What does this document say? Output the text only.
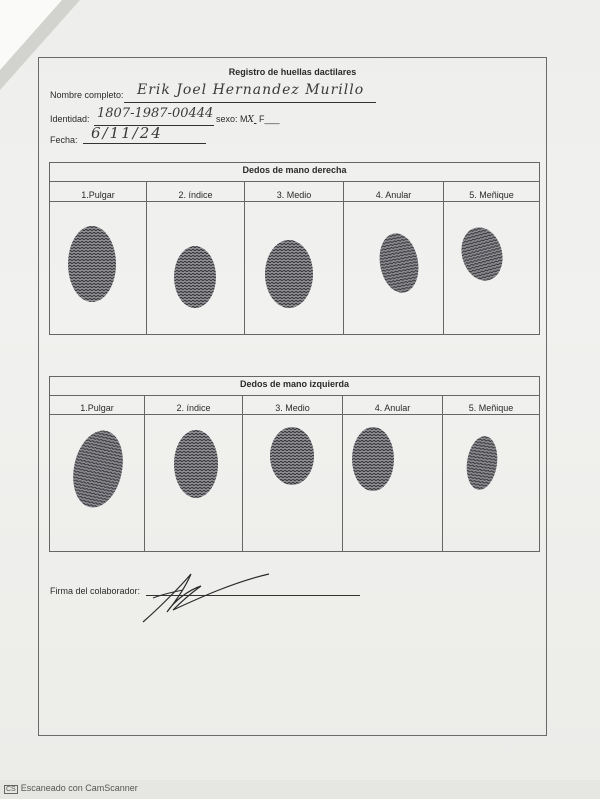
Registro de huellas dactilares
Nombre completo: Erik Joel Hernandez Murillo
Identidad: 1807-1987-00444 sexo: MX F___
Fecha: 6/11/24
Dedos de mano derecha
1.Pulgar	2. índice	3. Medio	4. Anular	5. Meñique
Dedos de mano izquierda
1.Pulgar	2. índice	3. Medio	4. Anular	5. Meñique
Firma del colaborador:
CS Escaneado con CamScanner
